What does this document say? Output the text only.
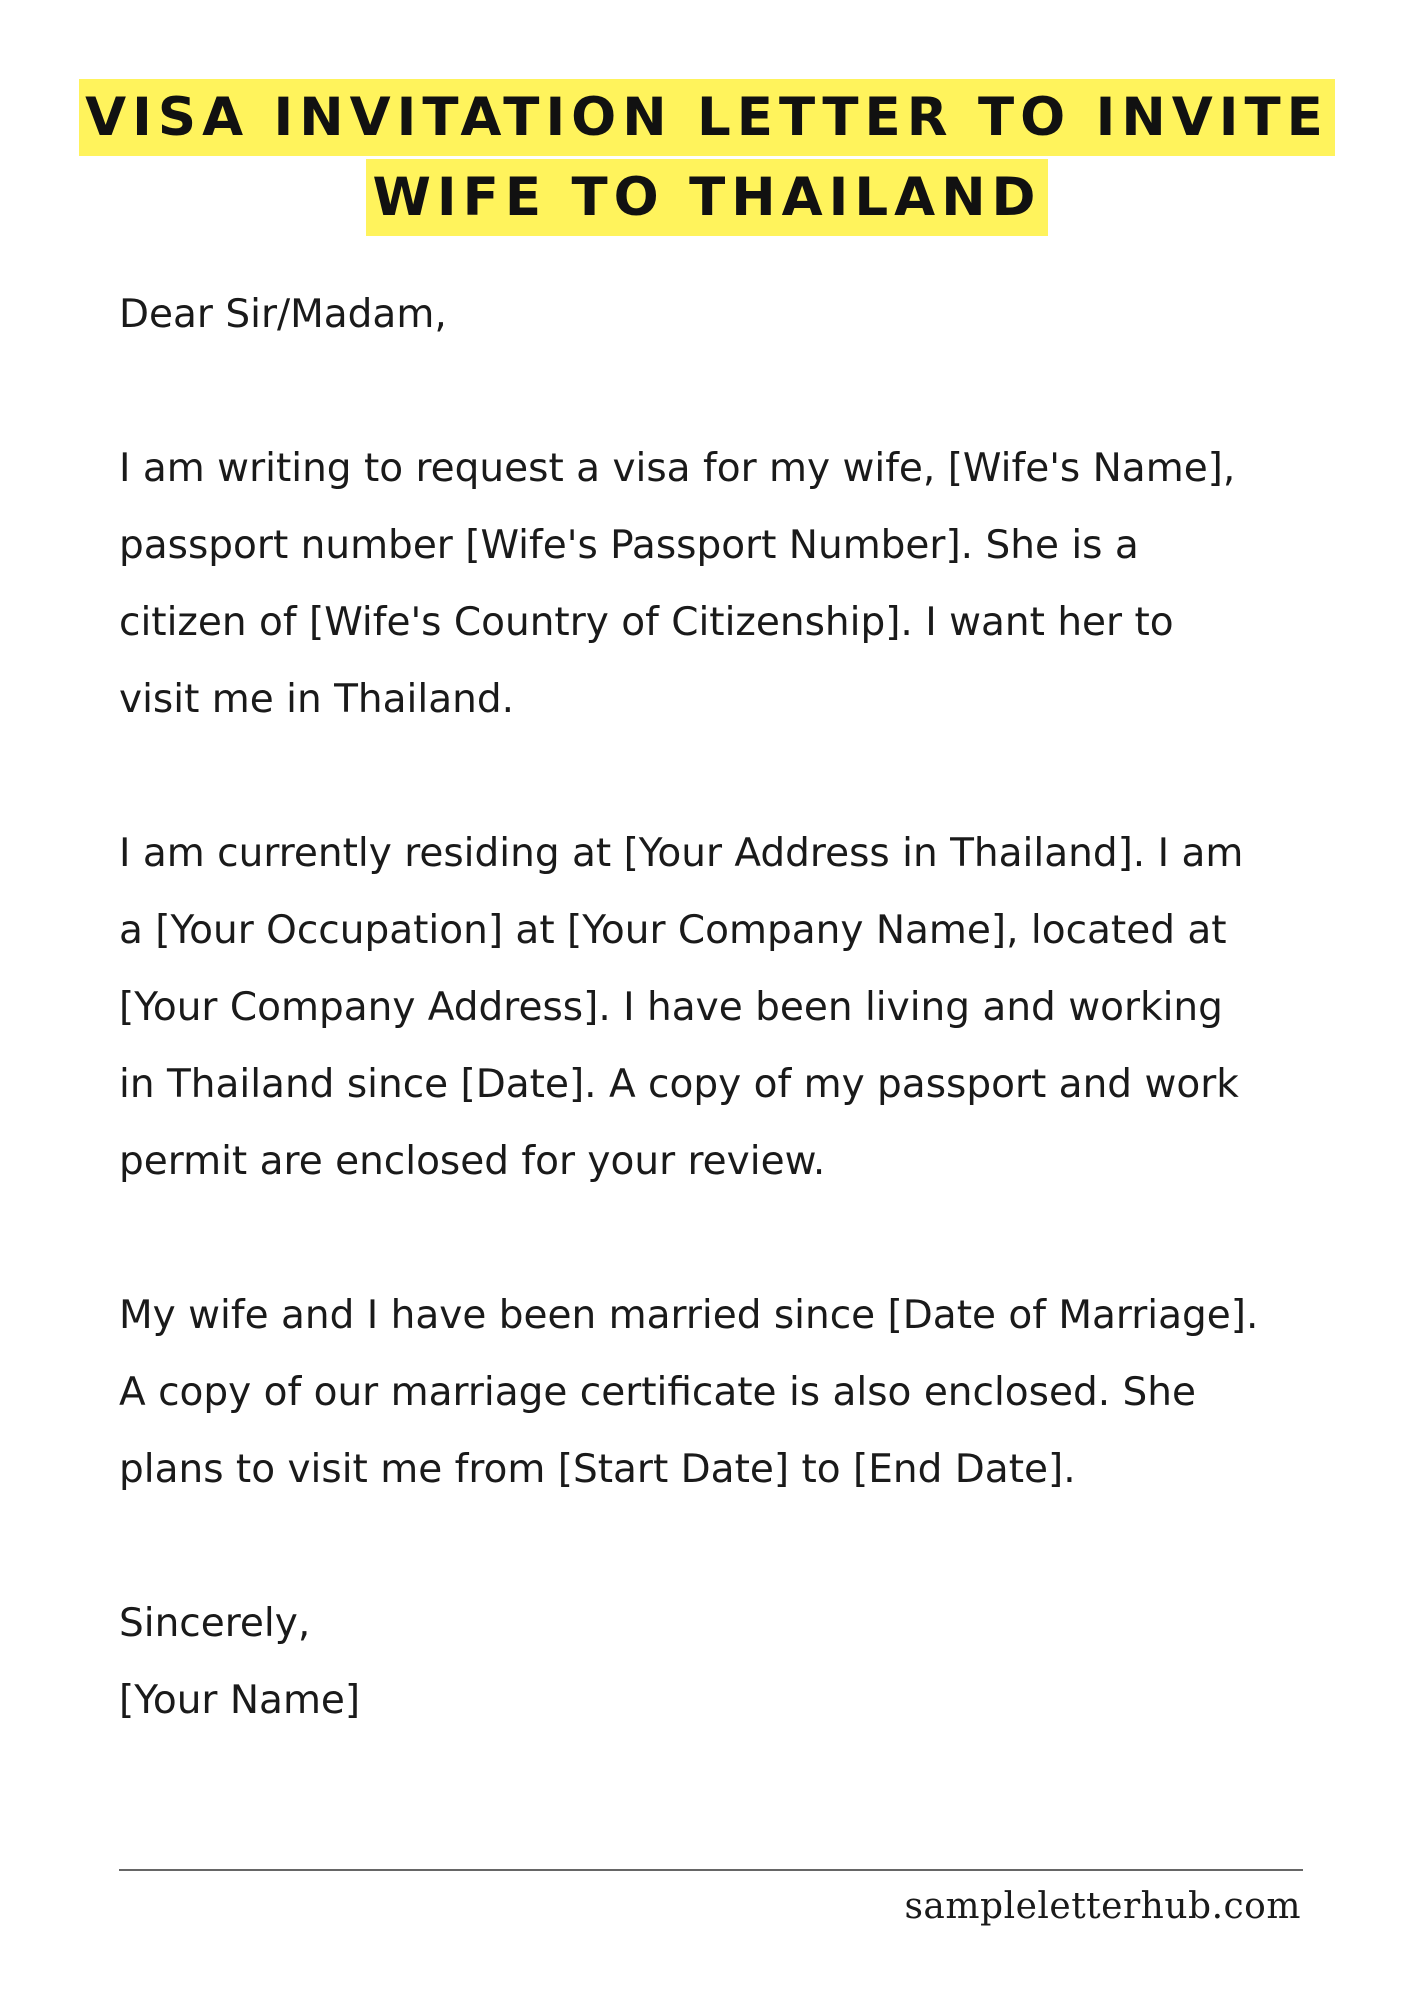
VISA INVITATION LETTER TO INVITE
WIFE TO THAILAND

Dear Sir/Madam,

I am writing to request a visa for my wife, [Wife's Name],
passport number [Wife's Passport Number]. She is a
citizen of [Wife's Country of Citizenship]. I want her to
visit me in Thailand.

I am currently residing at [Your Address in Thailand]. I am
a [Your Occupation] at [Your Company Name], located at
[Your Company Address]. I have been living and working
in Thailand since [Date]. A copy of my passport and work
permit are enclosed for your review.

My wife and I have been married since [Date of Marriage].
A copy of our marriage certificate is also enclosed. She
plans to visit me from [Start Date] to [End Date].

Sincerely,
[Your Name]

sampleletterhub.com
